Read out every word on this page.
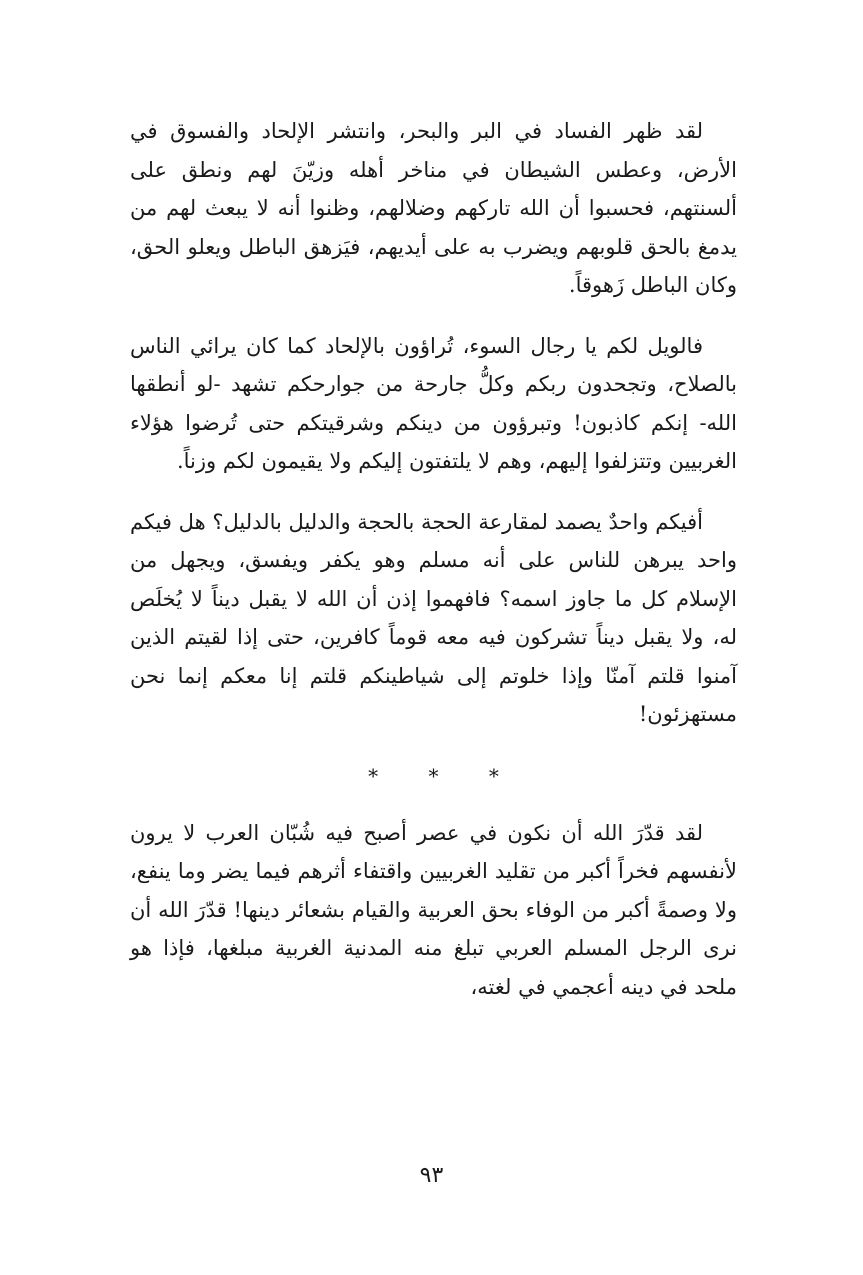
لقد ظهر الفساد في البر والبحر، وانتشر الإلحاد والفسوق في الأرض، وعطس الشيطان في مناخر أهله وزيّنَ لهم ونطق على ألسنتهم، فحسبوا أن الله تاركهم وضلالهم، وظنوا أنه لا يبعث لهم من يدمغ بالحق قلوبهم ويضرب به على أيديهم، فيَزهق الباطل ويعلو الحق، وكان الباطل زَهوقاً.

فالويل لكم يا رجال السوء، تُراؤون بالإلحاد كما كان يرائي الناس بالصلاح، وتجحدون ربكم وكلُّ جارحة من جوارحكم تشهد -لو أنطقها الله- إنكم كاذبون! وتبرؤون من دينكم وشرقيتكم حتى تُرضوا هؤلاء الغربيين وتتزلفوا إليهم، وهم لا يلتفتون إليكم ولا يقيمون لكم وزناً.

أفيكم واحدٌ يصمد لمقارعة الحجة بالحجة والدليل بالدليل؟ هل فيكم واحد يبرهن للناس على أنه مسلم وهو يكفر ويفسق، ويجهل من الإسلام كل ما جاوز اسمه؟ فافهموا إذن أن الله لا يقبل ديناً لا يُخلَص له، ولا يقبل ديناً تشركون فيه معه قوماً كافرين، حتى إذا لقيتم الذين آمنوا قلتم آمنّا وإذا خلوتم إلى شياطينكم قلتم إنا معكم إنما نحن مستهزئون!

* * *

لقد قدّرَ الله أن نكون في عصر أصبح فيه شُبّان العرب لا يرون لأنفسهم فخراً أكبر من تقليد الغربيين واقتفاء أثرهم فيما يضر وما ينفع، ولا وصمةً أكبر من الوفاء بحق العربية والقيام بشعائر دينها! قدّرَ الله أن نرى الرجل المسلم العربي تبلغ منه المدنية الغربية مبلغها، فإذا هو ملحد في دينه أعجمي في لغته،

٩٣
